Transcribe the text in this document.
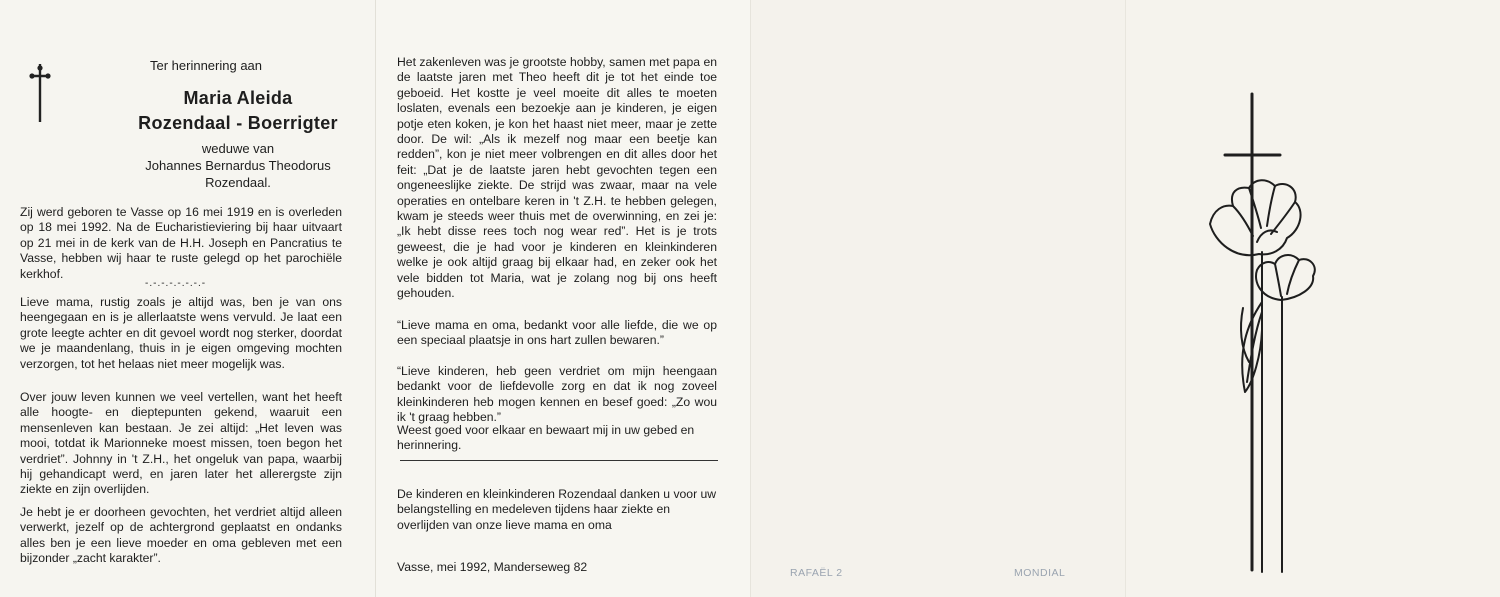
Ter herinnering aan
Maria Aleida
Rozendaal - Boerrigter
weduwe van
Johannes Bernardus Theodorus
Rozendaal.
Zij werd geboren te Vasse op 16 mei 1919 en is overleden op 18 mei 1992. Na de Eucharistieviering bij haar uitvaart op 21 mei in de kerk van de H.H. Joseph en Pancratius te Vasse, hebben wij haar te ruste gelegd op het parochiële kerkhof.
-.-.-.-.-.-.-.-
Lieve mama, rustig zoals je altijd was, ben je van ons heengegaan en is je allerlaatste wens vervuld. Je laat een grote leegte achter en dit gevoel wordt nog sterker, doordat we je maandenlang, thuis in je eigen omgeving mochten verzorgen, tot het helaas niet meer mogelijk was.
Over jouw leven kunnen we veel vertellen, want het heeft alle hoogte- en dieptepunten gekend, waaruit een mensenleven kan bestaan. Je zei altijd: „Het leven was mooi, totdat ik Marionneke moest missen, toen begon het verdriet”. Johnny in 't Z.H., het ongeluk van papa, waarbij hij gehandicapt werd, en jaren later het allerergste zijn ziekte en zijn overlijden.
Je hebt je er doorheen gevochten, het verdriet altijd alleen verwerkt, jezelf op de achtergrond geplaatst en ondanks alles ben je een lieve moeder en oma gebleven met een bijzonder „zacht karakter”.
Het zakenleven was je grootste hobby, samen met papa en de laatste jaren met Theo heeft dit je tot het einde toe geboeid. Het kostte je veel moeite dit alles te moeten loslaten, evenals een bezoekje aan je kinderen, je eigen potje eten koken, je kon het haast niet meer, maar je zette door. De wil: „Als ik mezelf nog maar een beetje kan redden”, kon je niet meer volbrengen en dit alles door het feit: „Dat je de laatste jaren hebt gevochten tegen een ongeneeslijke ziekte. De strijd was zwaar, maar na vele operaties en ontelbare keren in 't Z.H. te hebben gelegen, kwam je steeds weer thuis met de overwinning, en zei je: „Ik hebt disse rees toch nog wear red”. Het is je trots geweest, die je had voor je kinderen en kleinkinderen welke je ook altijd graag bij elkaar had, en zeker ook het vele bidden tot Maria, wat je zolang nog bij ons heeft gehouden.
“Lieve mama en oma, bedankt voor alle liefde, die we op een speciaal plaatsje in ons hart zullen bewaren.”
“Lieve kinderen, heb geen verdriet om mijn heengaan bedankt voor de liefdevolle zorg en dat ik nog zoveel kleinkinderen heb mogen kennen en besef goed: „Zo wou ik 't graag hebben.”
Weest goed voor elkaar en bewaart mij in uw gebed en herinnering.
De kinderen en kleinkinderen Rozendaal danken u voor uw belangstelling en medeleven tijdens haar ziekte en overlijden van onze lieve mama en oma
Vasse, mei 1992, Manderseweg 82	RAFAËL 2	MONDIAL
